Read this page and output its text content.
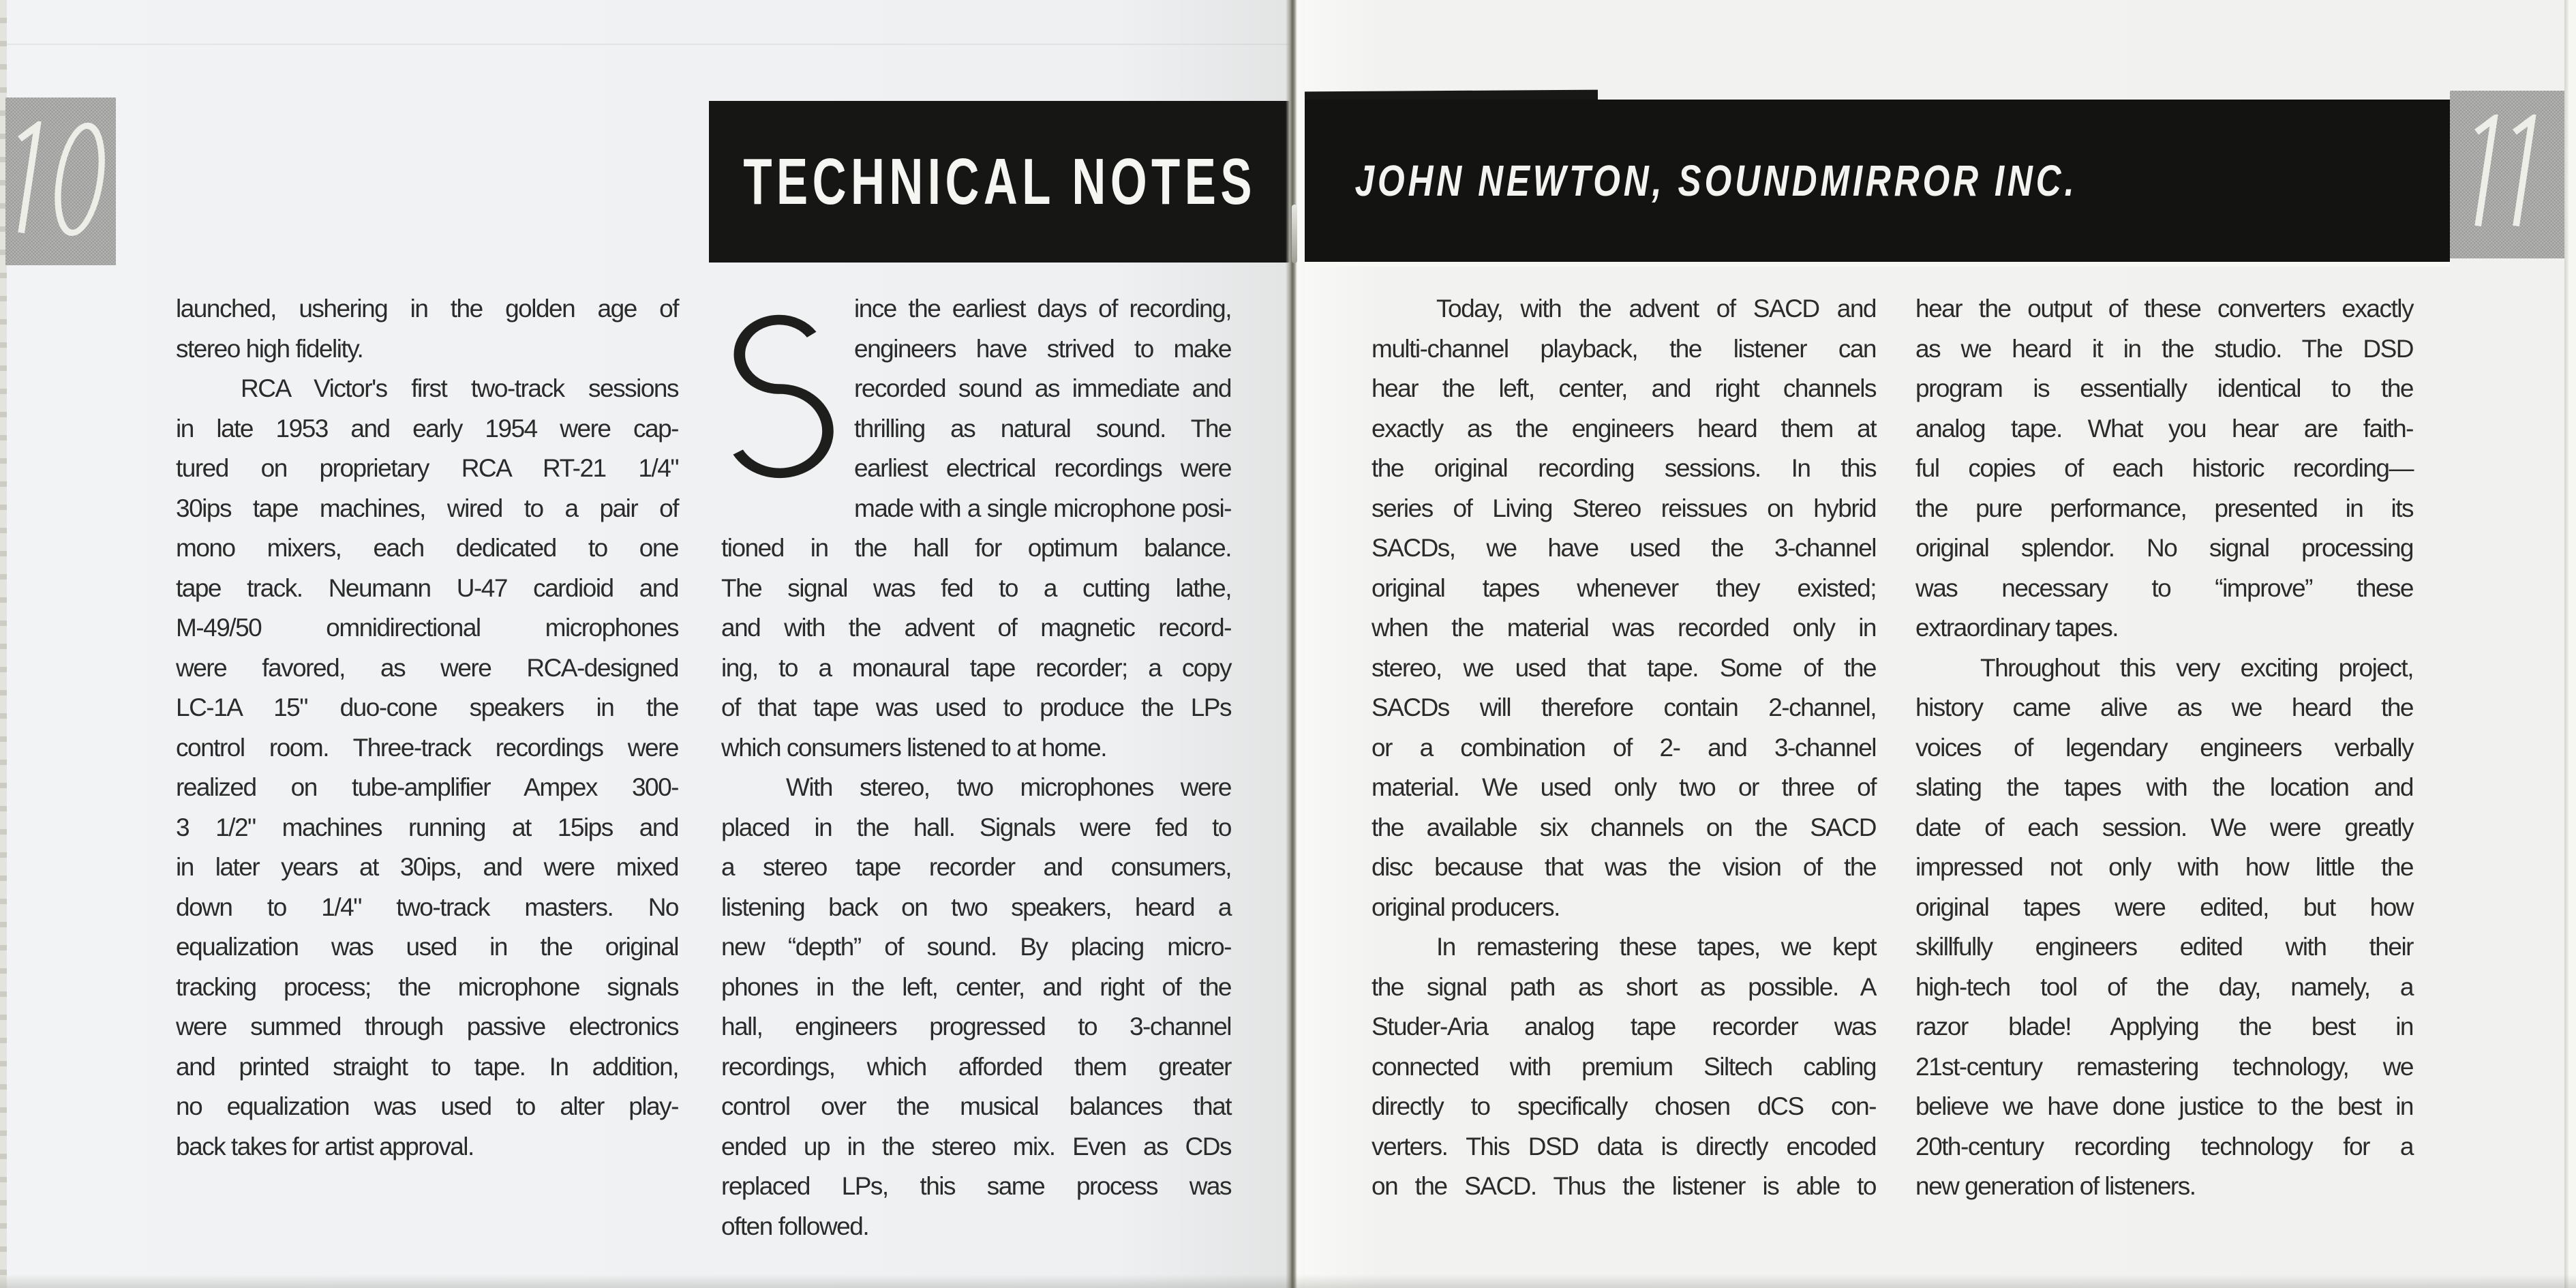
TECHNICAL NOTES	JOHN NEWTON, SOUNDMIRROR INC.
launched, ushering in the golden age of
stereo high fidelity.
RCA Victor's first two-track sessions
in late 1953 and early 1954 were cap-
tured on proprietary RCA RT-21 1/4"
30ips tape machines, wired to a pair of
mono mixers, each dedicated to one
tape track. Neumann U-47 cardioid and
M-49/50 omnidirectional microphones
were favored, as were RCA-designed
LC-1A 15" duo-cone speakers in the
control room. Three-track recordings were
realized on tube-amplifier Ampex 300-
3 1/2" machines running at 15ips and
in later years at 30ips, and were mixed
down to 1/4" two-track masters. No
equalization was used in the original
tracking process; the microphone signals
were summed through passive electronics
and printed straight to tape. In addition,
no equalization was used to alter play-
back takes for artist approval.
ince the earliest days of recording,
engineers have strived to make
recorded sound as immediate and
thrilling as natural sound. The
earliest electrical recordings were
made with a single microphone posi-
tioned in the hall for optimum balance.
The signal was fed to a cutting lathe,
and with the advent of magnetic record-
ing, to a monaural tape recorder; a copy
of that tape was used to produce the LPs
which consumers listened to at home.
With stereo, two microphones were
placed in the hall. Signals were fed to
a stereo tape recorder and consumers,
listening back on two speakers, heard a
new “depth” of sound. By placing micro-
phones in the left, center, and right of the
hall, engineers progressed to 3-channel
recordings, which afforded them greater
control over the musical balances that
ended up in the stereo mix. Even as CDs
replaced LPs, this same process was
often followed.
Today, with the advent of SACD and
multi-channel playback, the listener can
hear the left, center, and right channels
exactly as the engineers heard them at
the original recording sessions. In this
series of Living Stereo reissues on hybrid
SACDs, we have used the 3-channel
original tapes whenever they existed;
when the material was recorded only in
stereo, we used that tape. Some of the
SACDs will therefore contain 2-channel,
or a combination of 2- and 3-channel
material. We used only two or three of
the available six channels on the SACD
disc because that was the vision of the
original producers.
In remastering these tapes, we kept
the signal path as short as possible. A
Studer-Aria analog tape recorder was
connected with premium Siltech cabling
directly to specifically chosen dCS con-
verters. This DSD data is directly encoded
on the SACD. Thus the listener is able to
hear the output of these converters exactly
as we heard it in the studio. The DSD
program is essentially identical to the
analog tape. What you hear are faith-
ful copies of each historic recording—
the pure performance, presented in its
original splendor. No signal processing
was necessary to “improve” these
extraordinary tapes.
Throughout this very exciting project,
history came alive as we heard the
voices of legendary engineers verbally
slating the tapes with the location and
date of each session. We were greatly
impressed not only with how little the
original tapes were edited, but how
skillfully engineers edited with their
high-tech tool of the day, namely, a
razor blade! Applying the best in
21st-century remastering technology, we
believe we have done justice to the best in
20th-century recording technology for a
new generation of listeners.
